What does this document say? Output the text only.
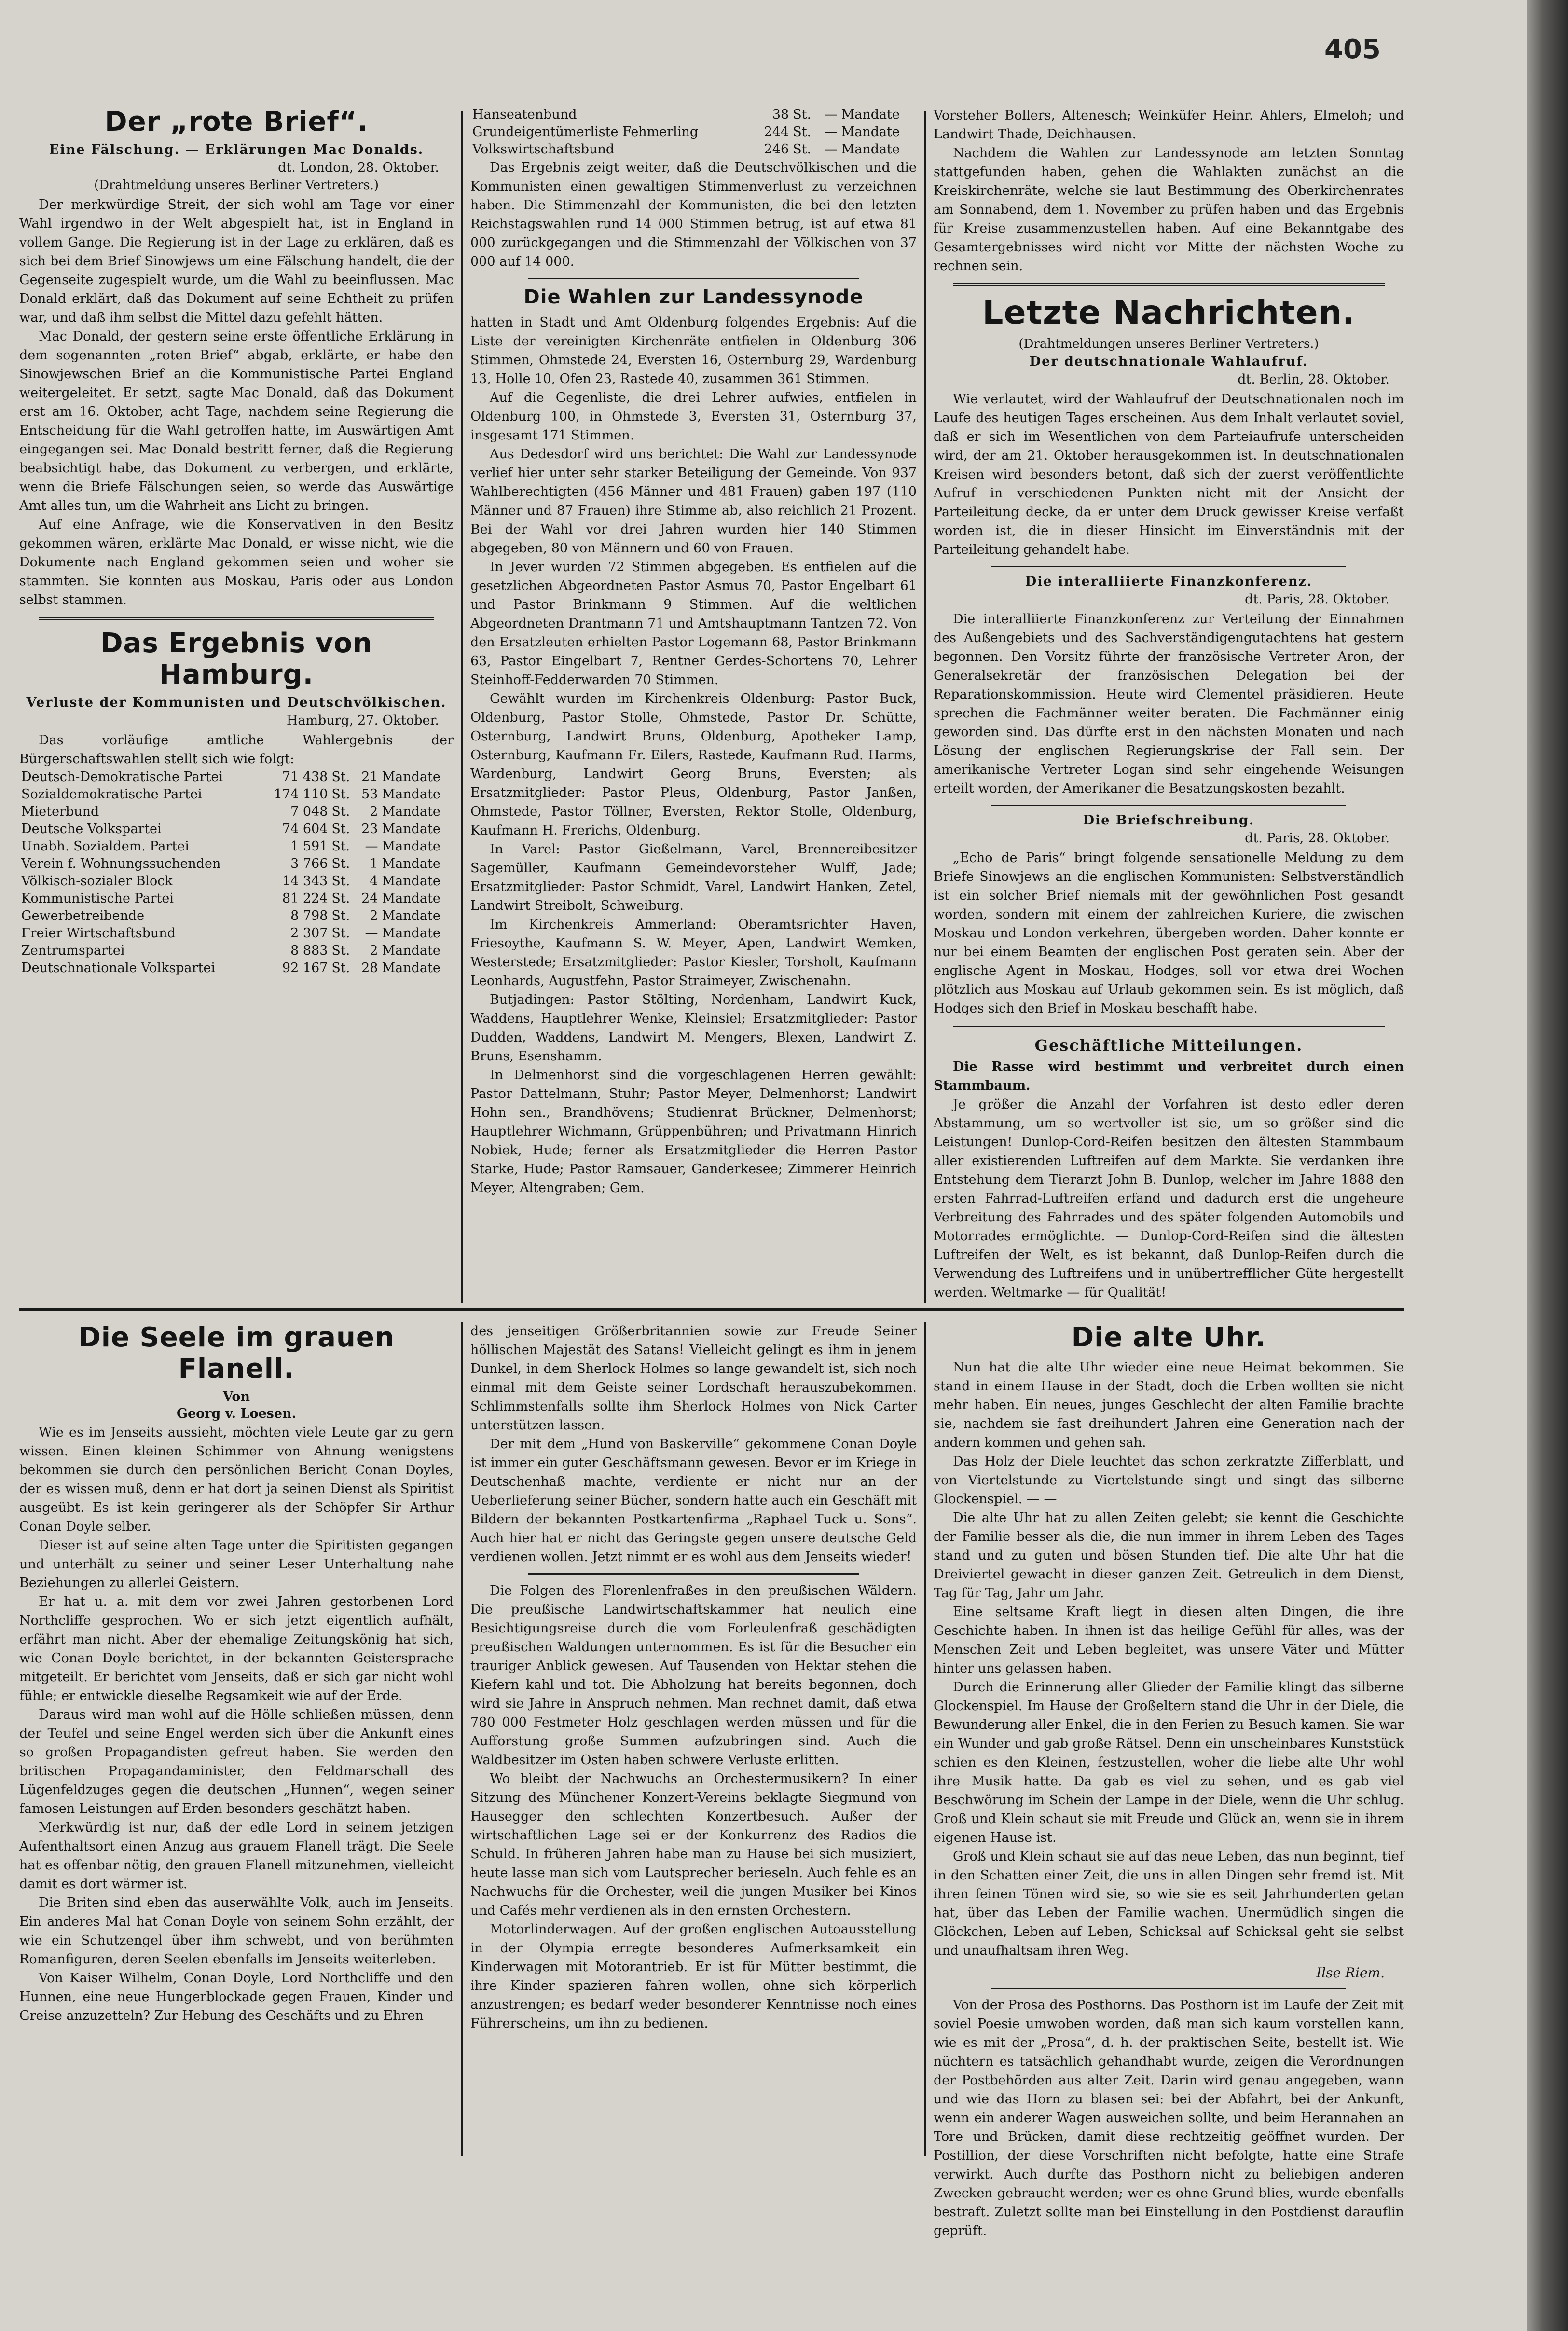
405
Der „rote Brief“.
Eine Fälschung. — Erklärungen Mac Donalds.
dt. London, 28. Oktober.
(Drahtmeldung unseres Berliner Vertreters.)

Der merkwürdige Streit, der sich wohl am Tage vor einer Wahl irgendwo in der Welt abgespielt hat, ist in England in vollem Gange. Die Regierung ist in der Lage zu erklären, daß es sich bei dem Brief Sinowjews um eine Fälschung handelt, die der Gegenseite zugespielt wurde, um die Wahl zu beeinflussen. Mac Donald erklärt, daß das Dokument auf seine Echtheit zu prüfen war, und daß ihm selbst die Mittel dazu gefehlt hätten.

Mac Donald, der gestern seine erste öffentliche Erklärung in dem sogenannten „roten Brief“ abgab, erklärte, er habe den Sinowjewschen Brief an die Kommunistische Partei England weitergeleitet. Er setzt, sagte Mac Donald, daß das Dokument erst am 16. Oktober, acht Tage, nachdem seine Regierung die Entscheidung für die Wahl getroffen hatte, im Auswärtigen Amt eingegangen sei. Mac Donald bestritt ferner, daß die Regierung beabsichtigt habe, das Dokument zu verbergen, und erklärte, wenn die Briefe Fälschungen seien, so werde das Auswärtige Amt alles tun, um die Wahrheit ans Licht zu bringen.

Auf eine Anfrage, wie die Konservativen in den Besitz gekommen wären, erklärte Mac Donald, er wisse nicht, wie die Dokumente nach England gekommen seien und woher sie stammten. Sie konnten aus Moskau, Paris oder aus London selbst stammen.

Das Ergebnis von Hamburg.
Verluste der Kommunisten und Deutschvölkischen.
Hamburg, 27. Oktober.

Das vorläufige amtliche Wahlergebnis der Bürgerschaftswahlen stellt sich wie folgt:

Deutsch-Demokratische Partei	71 438	St.	21	Mandate
Sozialdemokratische Partei	174 110	St.	53	Mandate
Mieterbund	7 048	St.	2	Mandate
Deutsche Volkspartei	74 604	St.	23	Mandate
Unabh. Sozialdem. Partei	1 591	St.	—	Mandate
Verein f. Wohnungssuchenden	3 766	St.	1	Mandate
Völkisch-sozialer Block	14 343	St.	4	Mandate
Kommunistische Partei	81 224	St.	24	Mandate
Gewerbetreibende	8 798	St.	2	Mandate
Freier Wirtschaftsbund	2 307	St.	—	Mandate
Zentrumspartei	8 883	St.	2	Mandate
Deutschnationale Volkspartei	92 167	St.	28	Mandate
Hanseatenbund	38	St.	—	Mandate
Grundeigentümerliste Fehmerling	244	St.	—	Mandate
Volkswirtschaftsbund	246	St.	—	Mandate

Das Ergebnis zeigt weiter, daß die Deutschvölkischen und die Kommunisten einen gewaltigen Stimmenverlust zu verzeichnen haben. Die Stimmenzahl der Kommunisten, die bei den letzten Reichstagswahlen rund 14 000 Stimmen betrug, ist auf etwa 81 000 zurückgegangen und die Stimmenzahl der Völkischen von 37 000 auf 14 000.

Die Wahlen zur Landessynode

hatten in Stadt und Amt Oldenburg folgendes Ergebnis: Auf die Liste der vereinigten Kirchenräte entfielen in Oldenburg 306 Stimmen, Ohmstede 24, Eversten 16, Osternburg 29, Wardenburg 13, Holle 10, Ofen 23, Rastede 40, zusammen 361 Stimmen.

Auf die Gegenliste, die drei Lehrer aufwies, entfielen in Oldenburg 100, in Ohmstede 3, Eversten 31, Osternburg 37, insgesamt 171 Stimmen.

Aus Dedesdorf wird uns berichtet: Die Wahl zur Landessynode verlief hier unter sehr starker Beteiligung der Gemeinde. Von 937 Wahlberechtigten (456 Männer und 481 Frauen) gaben 197 (110 Männer und 87 Frauen) ihre Stimme ab, also reichlich 21 Prozent. Bei der Wahl vor drei Jahren wurden hier 140 Stimmen abgegeben, 80 von Männern und 60 von Frauen.

In Jever wurden 72 Stimmen abgegeben. Es entfielen auf die gesetzlichen Abgeordneten Pastor Asmus 70, Pastor Engelbart 61 und Pastor Brinkmann 9 Stimmen. Auf die weltlichen Abgeordneten Drantmann 71 und Amtshauptmann Tantzen 72. Von den Ersatzleuten erhielten Pastor Logemann 68, Pastor Brinkmann 63, Pastor Eingelbart 7, Rentner Gerdes-Schortens 70, Lehrer Steinhoff-Fedderwarden 70 Stimmen.

Gewählt wurden im Kirchenkreis Oldenburg: Pastor Buck, Oldenburg, Pastor Stolle, Ohmstede, Pastor Dr. Schütte, Osternburg, Landwirt Bruns, Oldenburg, Apotheker Lamp, Osternburg, Kaufmann Fr. Eilers, Rastede, Kaufmann Rud. Harms, Wardenburg, Landwirt Georg Bruns, Eversten; als Ersatzmitglieder: Pastor Pleus, Oldenburg, Pastor Janßen, Ohmstede, Pastor Töllner, Eversten, Rektor Stolle, Oldenburg, Kaufmann H. Frerichs, Oldenburg.

In Varel: Pastor Gießelmann, Varel, Brennereibesitzer Sagemüller, Kaufmann Gemeindevorsteher Wulff, Jade; Ersatzmitglieder: Pastor Schmidt, Varel, Landwirt Hanken, Zetel, Landwirt Streibolt, Schweiburg.

Im Kirchenkreis Ammerland: Oberamtsrichter Haven, Friesoythe, Kaufmann S. W. Meyer, Apen, Landwirt Wemken, Westerstede; Ersatzmitglieder: Pastor Kiesler, Torsholt, Kaufmann Leonhards, Augustfehn, Pastor Straimeyer, Zwischenahn.

Butjadingen: Pastor Stölting, Nordenham, Landwirt Kuck, Waddens, Hauptlehrer Wenke, Kleinsiel; Ersatzmitglieder: Pastor Dudden, Waddens, Landwirt M. Mengers, Blexen, Landwirt Z. Bruns, Esenshamm.

In Delmenhorst sind die vorgeschlagenen Herren gewählt: Pastor Dattelmann, Stuhr; Pastor Meyer, Delmenhorst; Landwirt Hohn sen., Brandhövens; Studienrat Brückner, Delmenhorst; Hauptlehrer Wichmann, Grüppenbühren; und Privatmann Hinrich Nobiek, Hude; ferner als Ersatzmitglieder die Herren Pastor Starke, Hude; Pastor Ramsauer, Ganderkesee; Zimmerer Heinrich Meyer, Altengraben; Gem.

Vorsteher Bollers, Altenesch; Weinküfer Heinr. Ahlers, Elmeloh; und Landwirt Thade, Deichhausen.

Nachdem die Wahlen zur Landessynode am letzten Sonntag stattgefunden haben, gehen die Wahlakten zunächst an die Kreiskirchenräte, welche sie laut Bestimmung des Oberkirchenrates am Sonnabend, dem 1. November zu prüfen haben und das Ergebnis für Kreise zusammenzustellen haben. Auf eine Bekanntgabe des Gesamtergebnisses wird nicht vor Mitte der nächsten Woche zu rechnen sein.

Letzte Nachrichten.
(Drahtmeldungen unseres Berliner Vertreters.)
Der deutschnationale Wahlaufruf.
dt. Berlin, 28. Oktober.

Wie verlautet, wird der Wahlaufruf der Deutschnationalen noch im Laufe des heutigen Tages erscheinen. Aus dem Inhalt verlautet soviel, daß er sich im Wesentlichen von dem Parteiaufrufe unterscheiden wird, der am 21. Oktober herausgekommen ist. In deutschnationalen Kreisen wird besonders betont, daß sich der zuerst veröffentlichte Aufruf in verschiedenen Punkten nicht mit der Ansicht der Parteileitung decke, da er unter dem Druck gewisser Kreise verfaßt worden ist, die in dieser Hinsicht im Einverständnis mit der Parteileitung gehandelt habe.

Die interalliierte Finanzkonferenz.
dt. Paris, 28. Oktober.

Die interalliierte Finanzkonferenz zur Verteilung der Einnahmen des Außengebiets und des Sachverständigengutachtens hat gestern begonnen. Den Vorsitz führte der französische Vertreter Aron, der Generalsekretär der französischen Delegation bei der Reparationskommission. Heute wird Clementel präsidieren. Heute sprechen die Fachmänner weiter beraten. Die Fachmänner einig geworden sind. Das dürfte erst in den nächsten Monaten und nach Lösung der englischen Regierungskrise der Fall sein. Der amerikanische Vertreter Logan sind sehr eingehende Weisungen erteilt worden, der Amerikaner die Besatzungskosten bezahlt.

Die Briefschreibung.
dt. Paris, 28. Oktober.

„Echo de Paris“ bringt folgende sensationelle Meldung zu dem Briefe Sinowjews an die englischen Kommunisten: Selbstverständlich ist ein solcher Brief niemals mit der gewöhnlichen Post gesandt worden, sondern mit einem der zahlreichen Kuriere, die zwischen Moskau und London verkehren, übergeben worden. Daher konnte er nur bei einem Beamten der englischen Post geraten sein. Aber der englische Agent in Moskau, Hodges, soll vor etwa drei Wochen plötzlich aus Moskau auf Urlaub gekommen sein. Es ist möglich, daß Hodges sich den Brief in Moskau beschafft habe.

Geschäftliche Mitteilungen.

Die Rasse wird bestimmt und verbreitet durch einen Stammbaum.

Je größer die Anzahl der Vorfahren ist desto edler deren Abstammung, um so wertvoller ist sie, um so größer sind die Leistungen! Dunlop-Cord-Reifen besitzen den ältesten Stammbaum aller existierenden Luftreifen auf dem Markte. Sie verdanken ihre Entstehung dem Tierarzt John B. Dunlop, welcher im Jahre 1888 den ersten Fahrrad-Luftreifen erfand und dadurch erst die ungeheure Verbreitung des Fahrrades und des später folgenden Automobils und Motorrades ermöglichte. — Dunlop-Cord-Reifen sind die ältesten Luftreifen der Welt, es ist bekannt, daß Dunlop-Reifen durch die Verwendung des Luftreifens und in unübertrefflicher Güte hergestellt werden. Weltmarke — für Qualität!

Die Seele im grauen Flanell.
Von
Georg v. Loesen.

Wie es im Jenseits aussieht, möchten viele Leute gar zu gern wissen. Einen kleinen Schimmer von Ahnung wenigstens bekommen sie durch den persönlichen Bericht Conan Doyles, der es wissen muß, denn er hat dort ja seinen Dienst als Spiritist ausgeübt. Es ist kein geringerer als der Schöpfer Sir Arthur Conan Doyle selber.

Dieser ist auf seine alten Tage unter die Spiritisten gegangen und unterhält zu seiner und seiner Leser Unterhaltung nahe Beziehungen zu allerlei Geistern.

Er hat u. a. mit dem vor zwei Jahren gestorbenen Lord Northcliffe gesprochen. Wo er sich jetzt eigentlich aufhält, erfährt man nicht. Aber der ehemalige Zeitungskönig hat sich, wie Conan Doyle berichtet, in der bekannten Geistersprache mitgeteilt. Er berichtet vom Jenseits, daß er sich gar nicht wohl fühle; er entwickle dieselbe Regsamkeit wie auf der Erde.

Daraus wird man wohl auf die Hölle schließen müssen, denn der Teufel und seine Engel werden sich über die Ankunft eines so großen Propagandisten gefreut haben. Sie werden den britischen Propagandaminister, den Feldmarschall des Lügenfeldzuges gegen die deutschen „Hunnen“, wegen seiner famosen Leistungen auf Erden besonders geschätzt haben.

Merkwürdig ist nur, daß der edle Lord in seinem jetzigen Aufenthaltsort einen Anzug aus grauem Flanell trägt. Die Seele hat es offenbar nötig, den grauen Flanell mitzunehmen, vielleicht damit es dort wärmer ist.

Die Briten sind eben das auserwählte Volk, auch im Jenseits. Ein anderes Mal hat Conan Doyle von seinem Sohn erzählt, der wie ein Schutzengel über ihm schwebt, und von berühmten Romanfiguren, deren Seelen ebenfalls im Jenseits weiterleben.

Von Kaiser Wilhelm, Conan Doyle, Lord Northcliffe und den Hunnen, eine neue Hungerblockade gegen Frauen, Kinder und Greise anzuzetteln? Zur Hebung des Geschäfts und zu Ehren

des jenseitigen Größerbritannien sowie zur Freude Seiner höllischen Majestät des Satans! Vielleicht gelingt es ihm in jenem Dunkel, in dem Sherlock Holmes so lange gewandelt ist, sich noch einmal mit dem Geiste seiner Lordschaft herauszubekommen. Schlimmstenfalls sollte ihm Sherlock Holmes von Nick Carter unterstützen lassen.

Der mit dem „Hund von Baskerville“ gekommene Conan Doyle ist immer ein guter Geschäftsmann gewesen. Bevor er im Kriege in Deutschenhaß machte, verdiente er nicht nur an der Ueberlieferung seiner Bücher, sondern hatte auch ein Geschäft mit Bildern der bekannten Postkartenfirma „Raphael Tuck u. Sons“. Auch hier hat er nicht das Geringste gegen unsere deutsche Geld verdienen wollen. Jetzt nimmt er es wohl aus dem Jenseits wieder!

Die Folgen des Florenlenfraßes in den preußischen Wäldern. Die preußische Landwirtschaftskammer hat neulich eine Besichtigungsreise durch die vom Forleulenfraß geschädigten preußischen Waldungen unternommen. Es ist für die Besucher ein trauriger Anblick gewesen. Auf Tausenden von Hektar stehen die Kiefern kahl und tot. Die Abholzung hat bereits begonnen, doch wird sie Jahre in Anspruch nehmen. Man rechnet damit, daß etwa 780 000 Festmeter Holz geschlagen werden müssen und für die Aufforstung große Summen aufzubringen sind. Auch die Waldbesitzer im Osten haben schwere Verluste erlitten.

Wo bleibt der Nachwuchs an Orchestermusikern? In einer Sitzung des Münchener Konzert-Vereins beklagte Siegmund von Hausegger den schlechten Konzertbesuch. Außer der wirtschaftlichen Lage sei er der Konkurrenz des Radios die Schuld. In früheren Jahren habe man zu Hause bei sich musiziert, heute lasse man sich vom Lautsprecher berieseln. Auch fehle es an Nachwuchs für die Orchester, weil die jungen Musiker bei Kinos und Cafés mehr verdienen als in den ernsten Orchestern.

Motorlinderwagen. Auf der großen englischen Autoausstellung in der Olympia erregte besonderes Aufmerksamkeit ein Kinderwagen mit Motorantrieb. Er ist für Mütter bestimmt, die ihre Kinder spazieren fahren wollen, ohne sich körperlich anzustrengen; es bedarf weder besonderer Kenntnisse noch eines Führerscheins, um ihn zu bedienen.

Die alte Uhr.

Nun hat die alte Uhr wieder eine neue Heimat bekommen. Sie stand in einem Hause in der Stadt, doch die Erben wollten sie nicht mehr haben. Ein neues, junges Geschlecht der alten Familie brachte sie, nachdem sie fast dreihundert Jahren eine Generation nach der andern kommen und gehen sah.

Das Holz der Diele leuchtet das schon zerkratzte Zifferblatt, und von Viertelstunde zu Viertelstunde singt und singt das silberne Glockenspiel. — —

Die alte Uhr hat zu allen Zeiten gelebt; sie kennt die Geschichte der Familie besser als die, die nun immer in ihrem Leben des Tages stand und zu guten und bösen Stunden tief. Die alte Uhr hat die Dreiviertel gewacht in dieser ganzen Zeit. Getreulich in dem Dienst, Tag für Tag, Jahr um Jahr.

Eine seltsame Kraft liegt in diesen alten Dingen, die ihre Geschichte haben. In ihnen ist das heilige Gefühl für alles, was der Menschen Zeit und Leben begleitet, was unsere Väter und Mütter hinter uns gelassen haben.

Durch die Erinnerung aller Glieder der Familie klingt das silberne Glockenspiel. Im Hause der Großeltern stand die Uhr in der Diele, die Bewunderung aller Enkel, die in den Ferien zu Besuch kamen. Sie war ein Wunder und gab große Rätsel. Denn ein unscheinbares Kunststück schien es den Kleinen, festzustellen, woher die liebe alte Uhr wohl ihre Musik hatte. Da gab es viel zu sehen, und es gab viel Beschwörung im Schein der Lampe in der Diele, wenn die Uhr schlug. Groß und Klein schaut sie mit Freude und Glück an, wenn sie in ihrem eigenen Hause ist.

Groß und Klein schaut sie auf das neue Leben, das nun beginnt, tief in den Schatten einer Zeit, die uns in allen Dingen sehr fremd ist. Mit ihren feinen Tönen wird sie, so wie sie es seit Jahrhunderten getan hat, über das Leben der Familie wachen. Unermüdlich singen die Glöckchen, Leben auf Leben, Schicksal auf Schicksal geht sie selbst und unaufhaltsam ihren Weg.

Ilse Riem.

Von der Prosa des Posthorns. Das Posthorn ist im Laufe der Zeit mit soviel Poesie umwoben worden, daß man sich kaum vorstellen kann, wie es mit der „Prosa“, d. h. der praktischen Seite, bestellt ist. Wie nüchtern es tatsächlich gehandhabt wurde, zeigen die Verordnungen der Postbehörden aus alter Zeit. Darin wird genau angegeben, wann und wie das Horn zu blasen sei: bei der Abfahrt, bei der Ankunft, wenn ein anderer Wagen ausweichen sollte, und beim Herannahen an Tore und Brücken, damit diese rechtzeitig geöffnet wurden. Der Postillion, der diese Vorschriften nicht befolgte, hatte eine Strafe verwirkt. Auch durfte das Posthorn nicht zu beliebigen anderen Zwecken gebraucht werden; wer es ohne Grund blies, wurde ebenfalls bestraft. Zuletzt sollte man bei Einstellung in den Postdienst darauflin geprüft.
